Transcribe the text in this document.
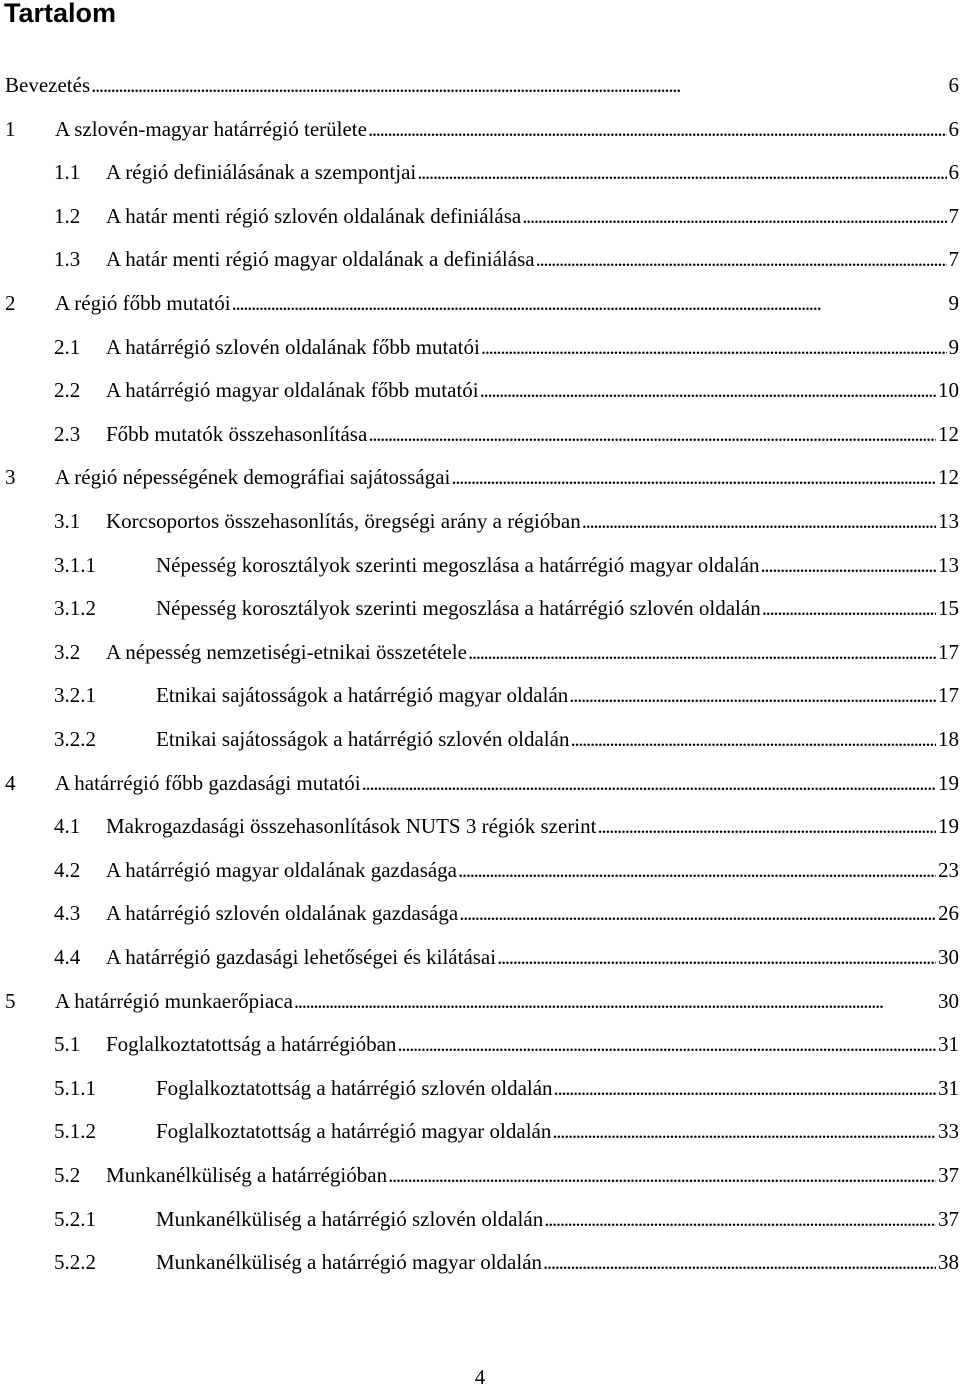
Tartalom
Bevezetés . . .	6
1 A szlovén-magyar határrégió területe . . .	6
1.1 A régió definiálásának a szempontjai . . .	6
1.2 A határ menti régió szlovén oldalának definiálása . . .	7
1.3 A határ menti régió magyar oldalának a definiálása . . .	7
2 A régió főbb mutatói . . .	9
2.1 A határrégió szlovén oldalának főbb mutatói . . .	9
2.2 A határrégió magyar oldalának főbb mutatói . . .	10
2.3 Főbb mutatók összehasonlítása . . .	12
3 A régió népességének demográfiai sajátosságai . . .	12
3.1 Korcsoportos összehasonlítás, öregségi arány a régióban . . .	13
3.1.1	Népesség korosztályok szerinti megoszlása a határrégió magyar oldalán . . .	13
3.1.2	Népesség korosztályok szerinti megoszlása a határrégió szlovén oldalán . . .	15
3.2 A népesség nemzetiségi-etnikai összetétele . . .	17
3.2.1	Etnikai sajátosságok a határrégió magyar oldalán . . .	17
3.2.2	Etnikai sajátosságok a határrégió szlovén oldalán . . .	18
4 A határrégió főbb gazdasági mutatói . . .	19
4.1 Makrogazdasági összehasonlítások NUTS 3 régiók szerint . . .	19
4.2 A határrégió magyar oldalának gazdasága . . .	23
4.3 A határrégió szlovén oldalának gazdasága . . .	26
4.4 A határrégió gazdasági lehetőségei és kilátásai . . .	30
5 A határrégió munkaerőpiaca . . .	30
5.1 Foglalkoztatottság a határrégióban . . .	31
5.1.1	Foglalkoztatottság a határrégió szlovén oldalán . . .	31
5.1.2	Foglalkoztatottság a határrégió magyar oldalán . . .	33
5.2 Munkanélküliség a határrégióban . . .	37
5.2.1	Munkanélküliség a határrégió szlovén oldalán . . .	37
5.2.2	Munkanélküliség a határrégió magyar oldalán . . .	38
4
